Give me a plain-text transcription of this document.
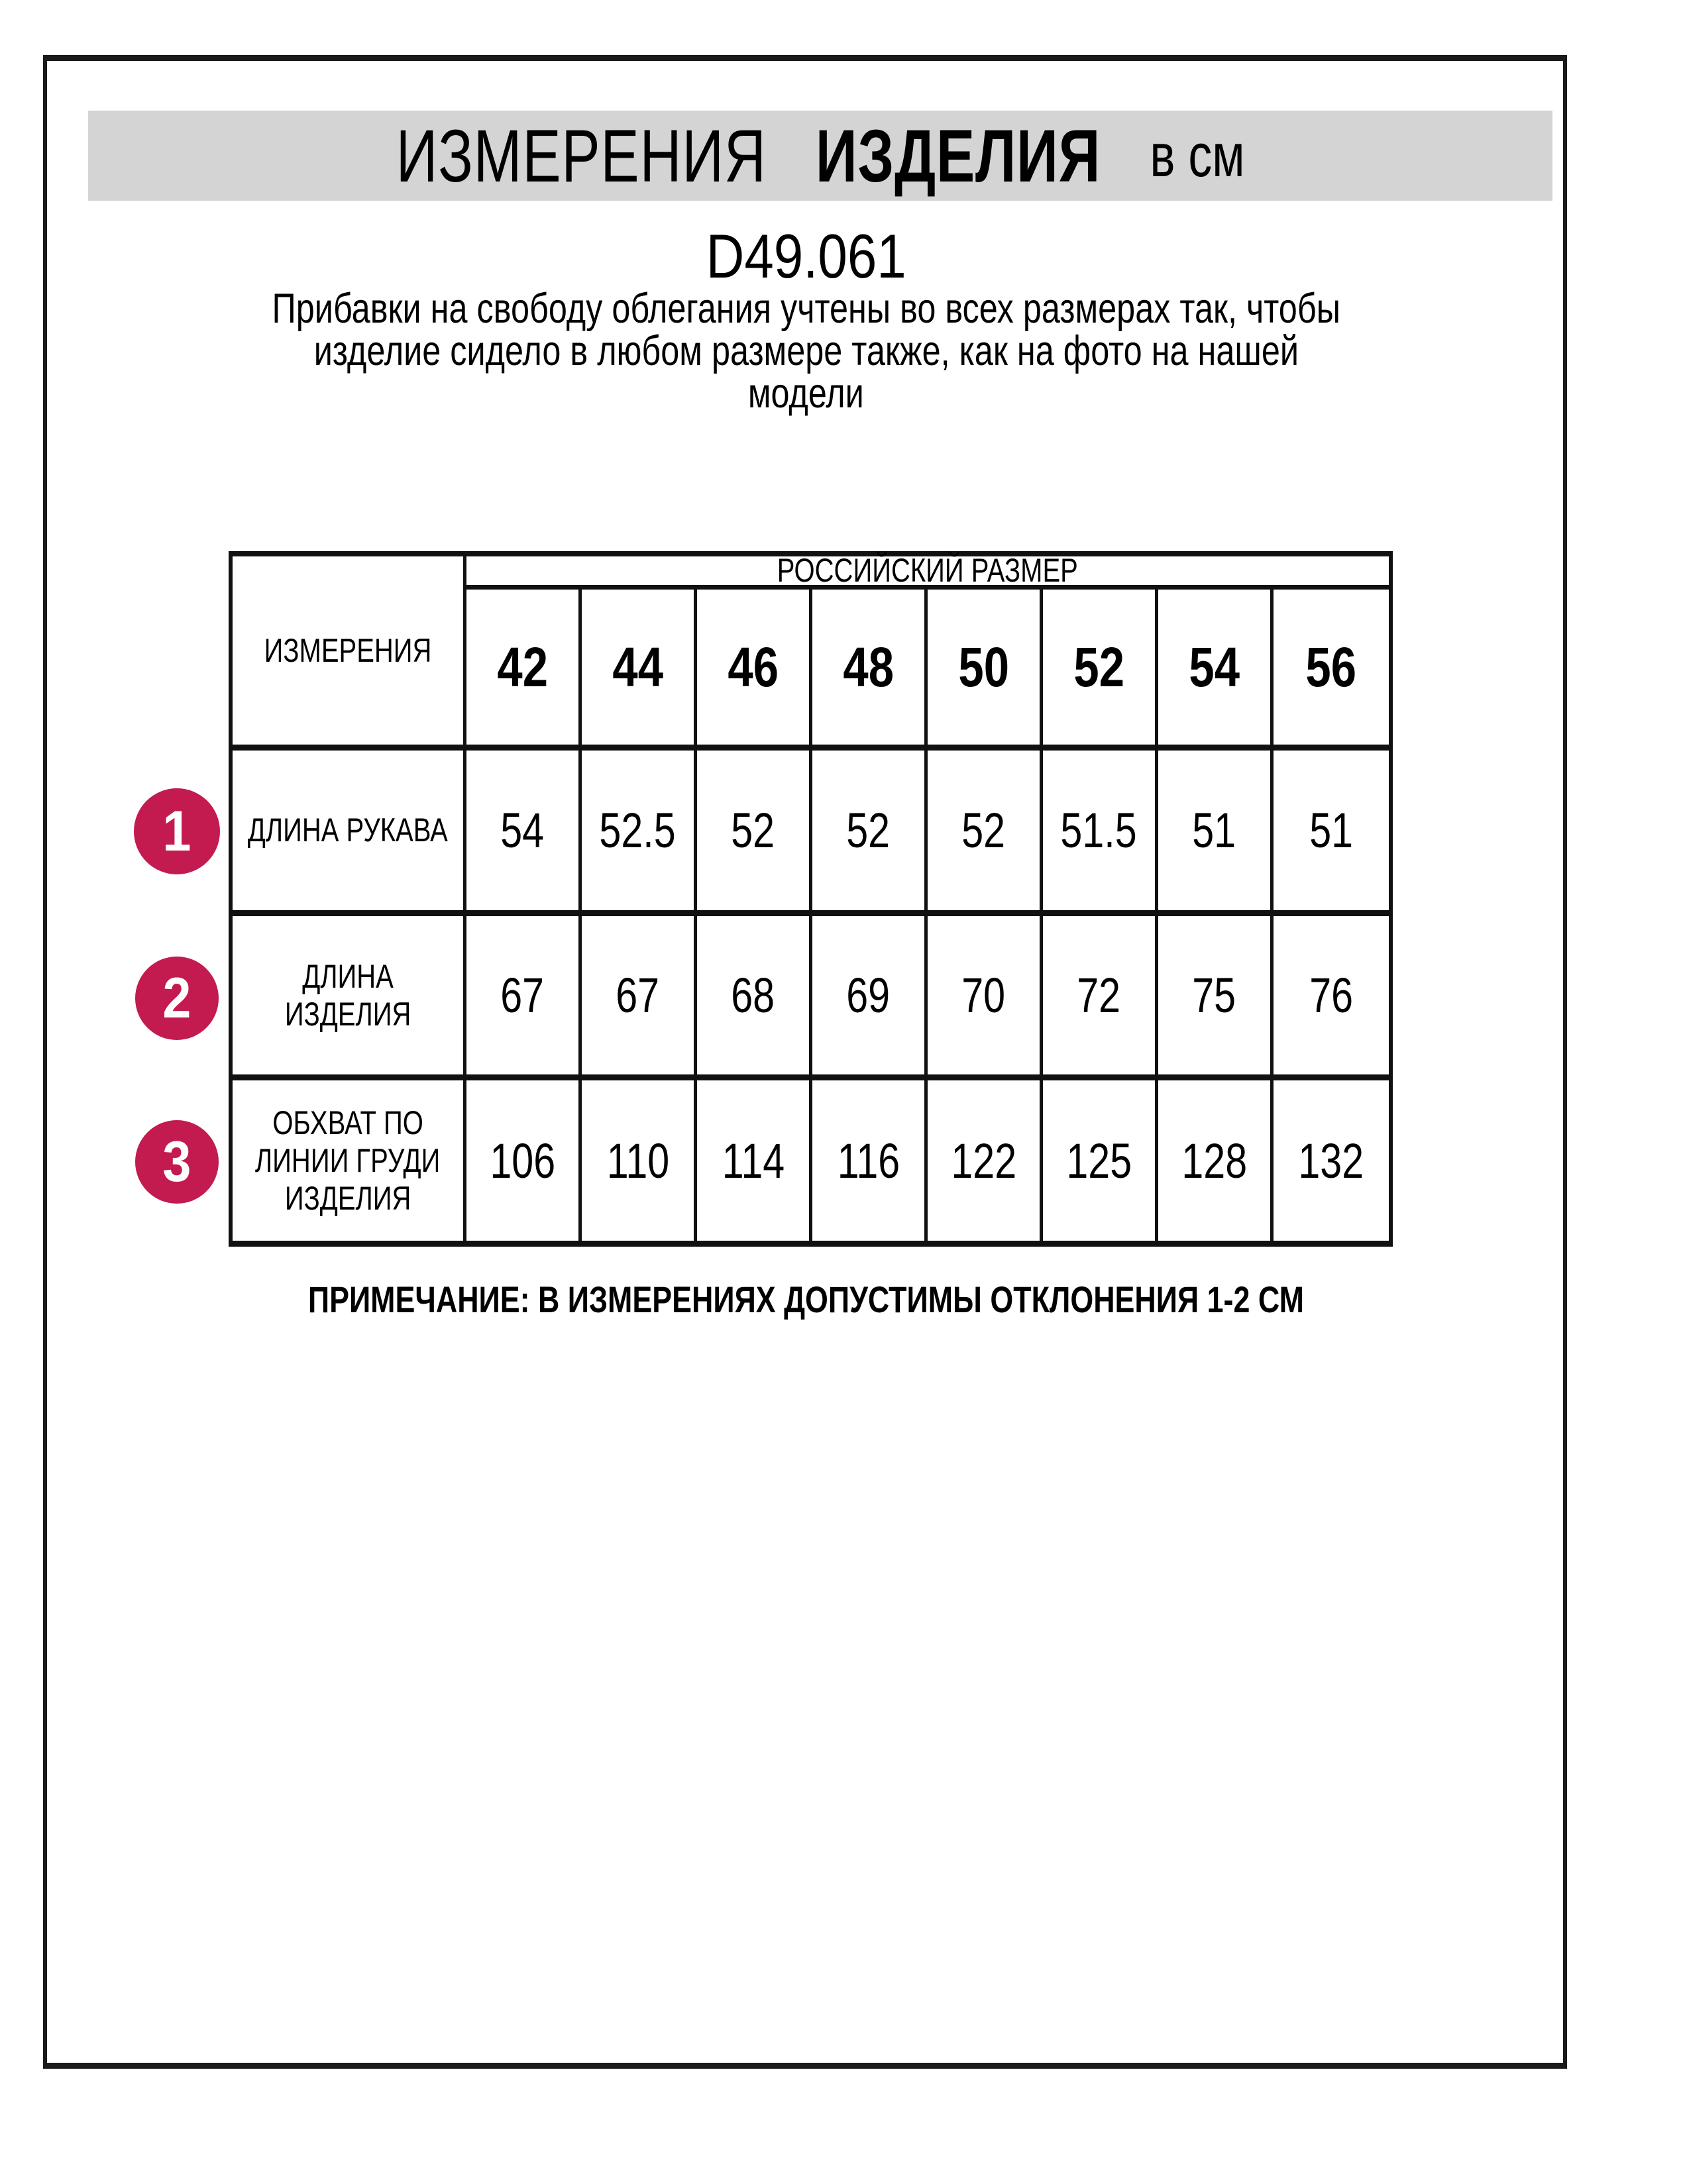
ИЗМЕРЕНИЯ ИЗДЕЛИЯ в см
D49.061
Прибавки на свободу облегания учтены во всех размерах так, чтобы
изделие сидело в любом размере также, как на фото на нашей
модели
ИЗМЕРЕНИЯ
РОССИЙСКИЙ РАЗМЕР
42 44 46 48 50 52 54 56
ДЛИНА РУКАВА	54 52.5 52 52 52 51.5 51 51
ДЛИНА
ИЗДЕЛИЯ	67 67 68 69 70 72 75 76
ОБХВАТ ПО
ЛИНИИ ГРУДИ
ИЗДЕЛИЯ
106 110 114 116 122 125 128 132
1
2
3
ПРИМЕЧАНИЕ: В ИЗМЕРЕНИЯХ ДОПУСТИМЫ ОТКЛОНЕНИЯ 1-2 СМ
